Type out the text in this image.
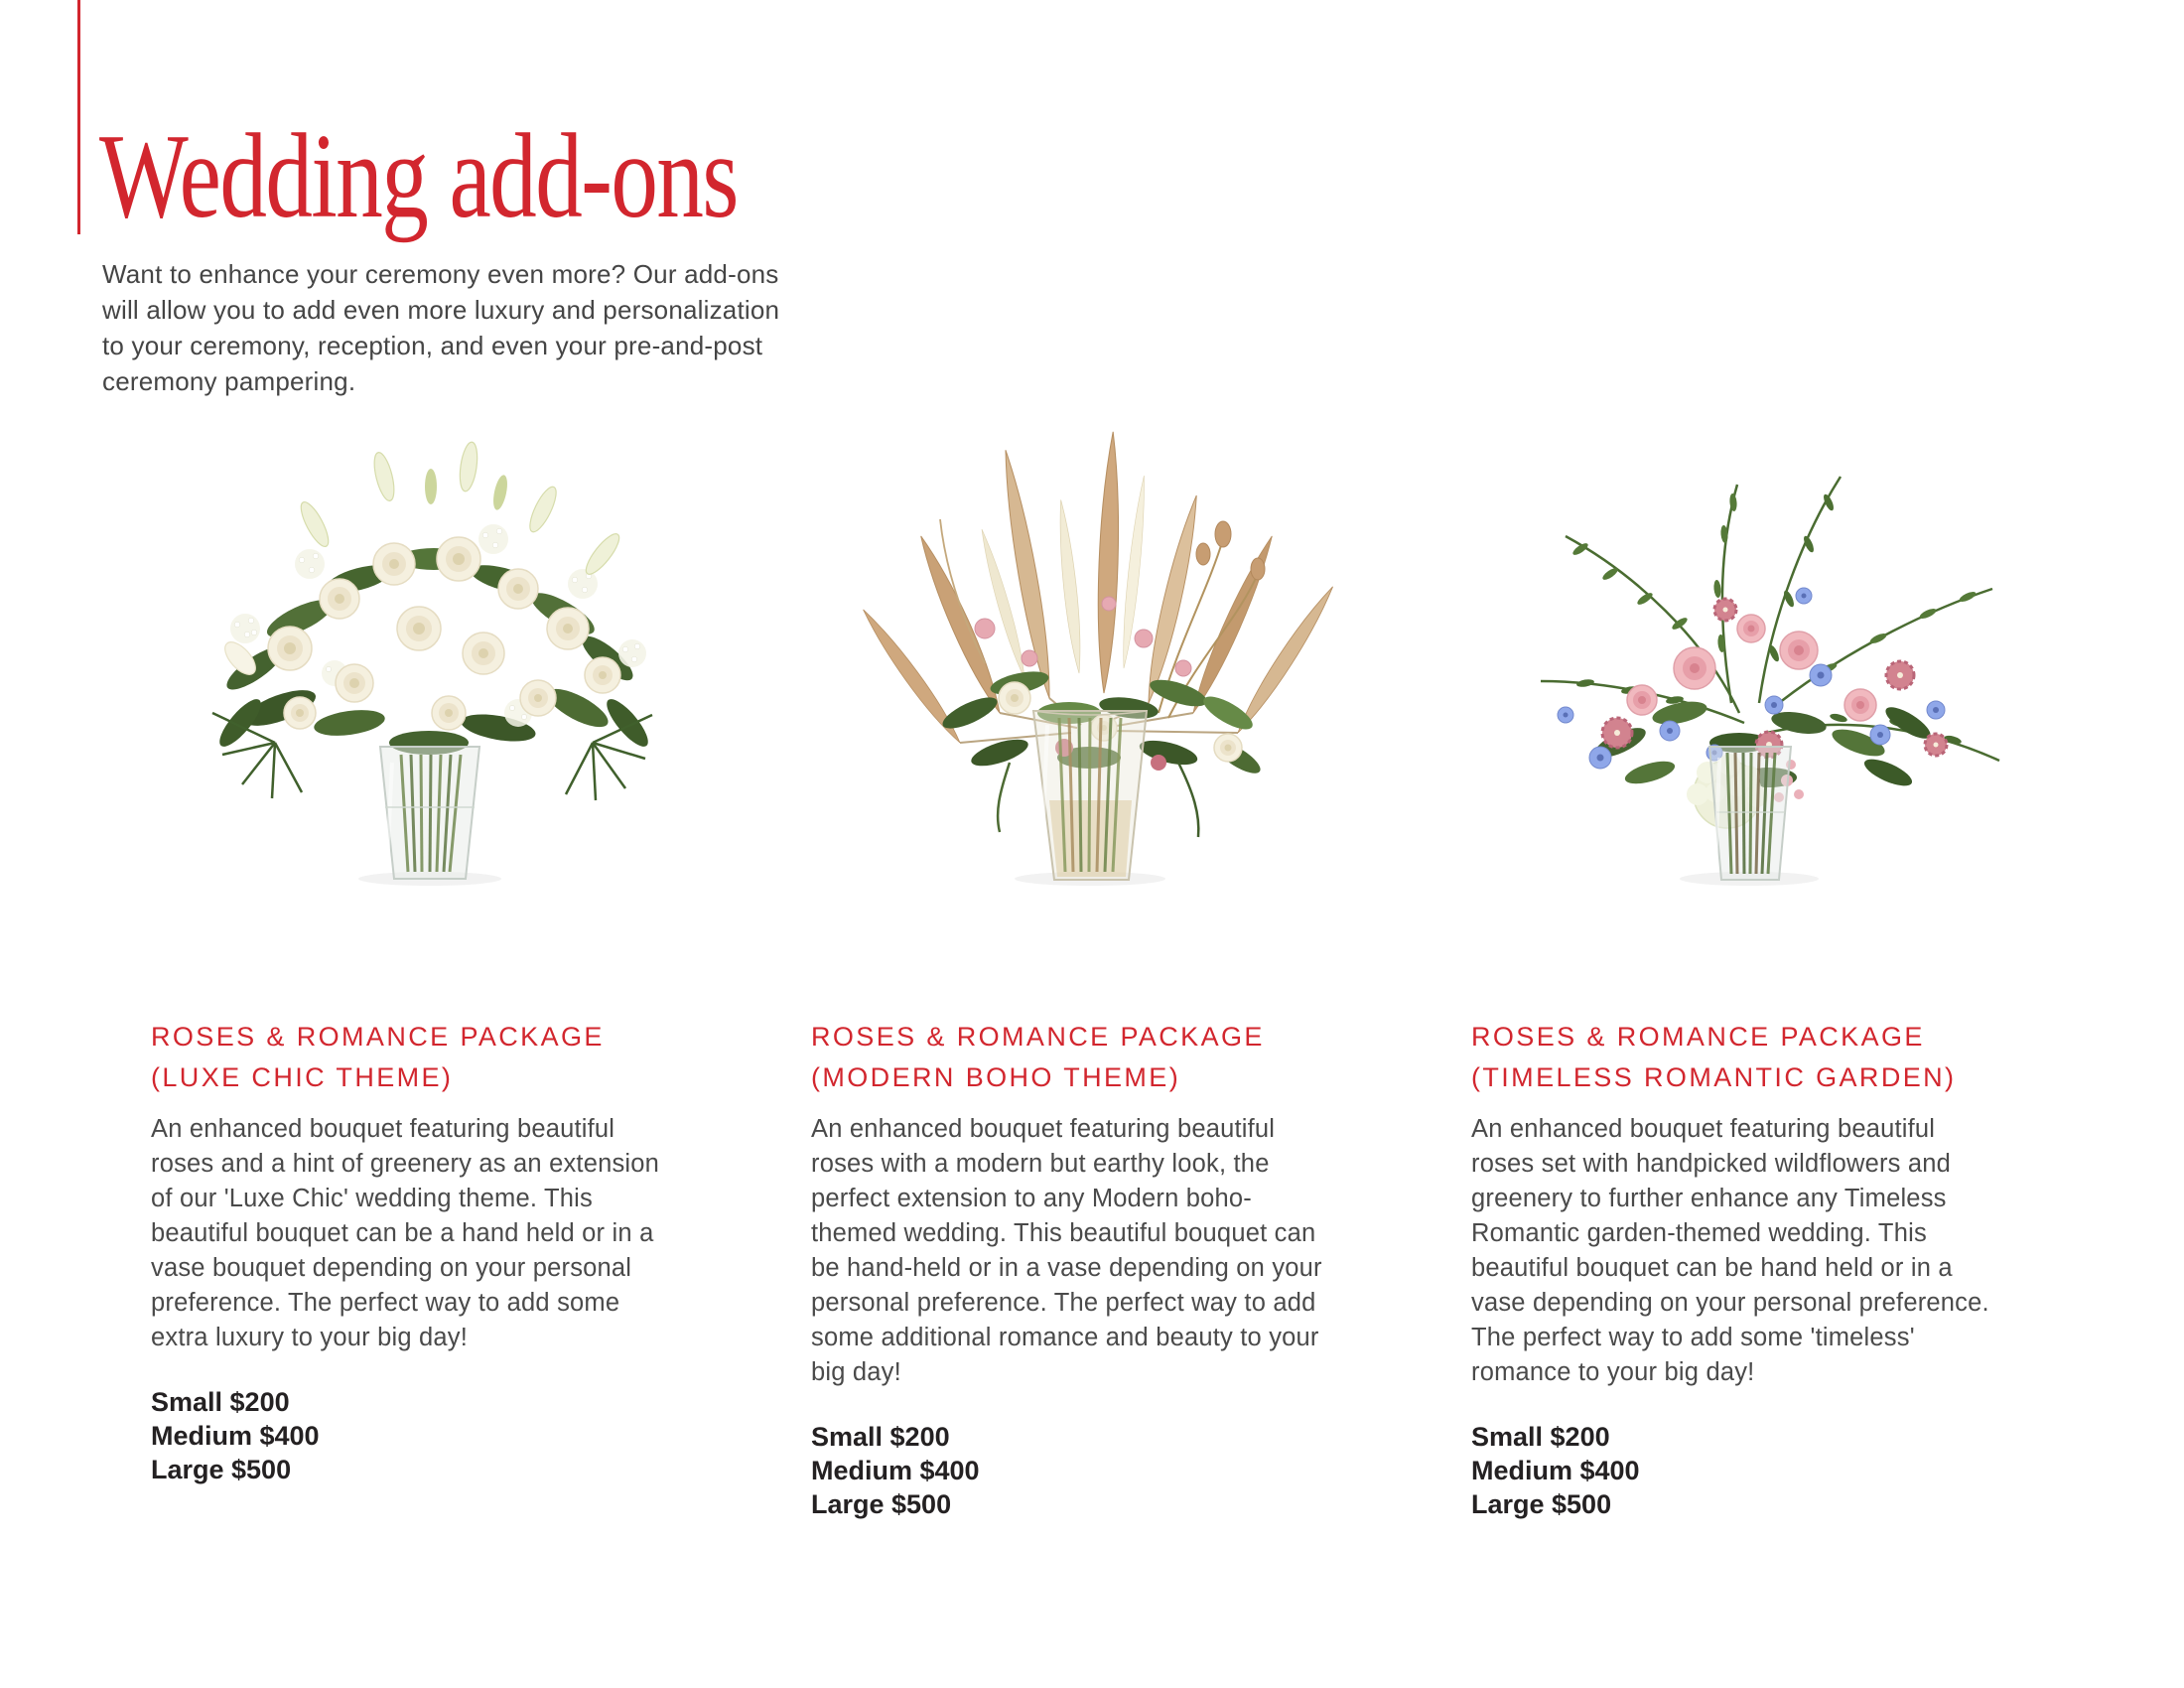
Wedding add-ons

Want to enhance your ceremony even more? Our add-ons will allow you to add even more luxury and personalization to your ceremony, reception, and even your pre-and-post ceremony pampering.

ROSES & ROMANCE PACKAGE
(LUXE CHIC THEME)

An enhanced bouquet featuring beautiful roses and a hint of greenery as an extension of our 'Luxe Chic' wedding theme. This beautiful bouquet can be a hand held or in a vase bouquet depending on your personal preference. The perfect way to add some extra luxury to your big day!

Small $200
Medium $400
Large $500
ROSES & ROMANCE PACKAGE
(MODERN BOHO THEME)

An enhanced bouquet featuring beautiful roses with a modern but earthy look, the perfect extension to any Modern boho-themed wedding. This beautiful bouquet can be hand-held or in a vase depending on your personal preference. The perfect way to add some additional romance and beauty to your big day!

Small $200
Medium $400
Large $500
ROSES & ROMANCE PACKAGE
(TIMELESS ROMANTIC GARDEN)

An enhanced bouquet featuring beautiful roses set with handpicked wildflowers and greenery to further enhance any Timeless Romantic garden-themed wedding. This beautiful bouquet can be hand held or in a vase depending on your personal preference. The perfect way to add some 'timeless' romance to your big day!

Small $200
Medium $400
Large $500
